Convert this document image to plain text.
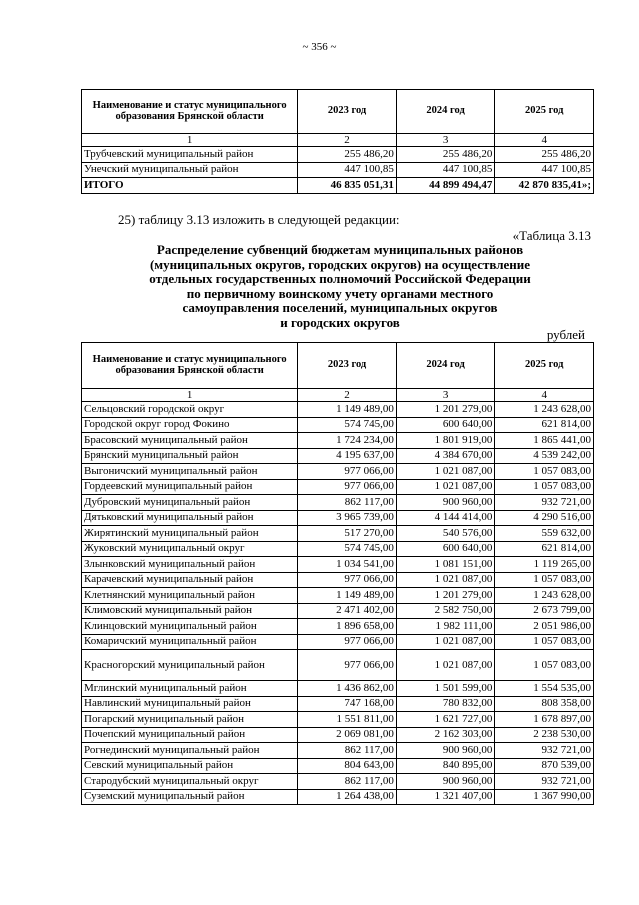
~ 356 ~
Наименование и статус муниципального образования Брянской области	2023 год	2024 год	2025 год
1	2	3	4
Трубчевский муниципальный район	255 486,20	255 486,20	255 486,20
Унечский муниципальный район	447 100,85	447 100,85	447 100,85
ИТОГО	46 835 051,31	44 899 494,47	42 870 835,41»;
25) таблицу 3.13 изложить в следующей редакции:
«Таблица 3.13
Распределение субвенций бюджетам муниципальных районов
(муниципальных округов, городских округов) на осуществление
отдельных государственных полномочий Российской Федерации
по первичному воинскому учету органами местного
самоуправления поселений, муниципальных округов
и городских округов
рублей
Наименование и статус муниципального образования Брянской области	2023 год	2024 год	2025 год
1	2	3	4
Сельцовский городской округ	1 149 489,00	1 201 279,00	1 243 628,00
Городской округ город Фокино	574 745,00	600 640,00	621 814,00
Брасовский муниципальный район	1 724 234,00	1 801 919,00	1 865 441,00
Брянский муниципальный район	4 195 637,00	4 384 670,00	4 539 242,00
Выгоничский муниципальный район	977 066,00	1 021 087,00	1 057 083,00
Гордеевский муниципальный район	977 066,00	1 021 087,00	1 057 083,00
Дубровский муниципальный район	862 117,00	900 960,00	932 721,00
Дятьковский муниципальный район	3 965 739,00	4 144 414,00	4 290 516,00
Жирятинский муниципальный район	517 270,00	540 576,00	559 632,00
Жуковский муниципальный округ	574 745,00	600 640,00	621 814,00
Злынковский муниципальный район	1 034 541,00	1 081 151,00	1 119 265,00
Карачевский муниципальный район	977 066,00	1 021 087,00	1 057 083,00
Клетнянский муниципальный район	1 149 489,00	1 201 279,00	1 243 628,00
Климовский муниципальный район	2 471 402,00	2 582 750,00	2 673 799,00
Клинцовский муниципальный район	1 896 658,00	1 982 111,00	2 051 986,00
Комаричский муниципальный район	977 066,00	1 021 087,00	1 057 083,00
Красногорский муниципальный район	977 066,00	1 021 087,00	1 057 083,00
Мглинский муниципальный район	1 436 862,00	1 501 599,00	1 554 535,00
Навлинский муниципальный район	747 168,00	780 832,00	808 358,00
Погарский муниципальный район	1 551 811,00	1 621 727,00	1 678 897,00
Почепский муниципальный район	2 069 081,00	2 162 303,00	2 238 530,00
Рогнединский муниципальный район	862 117,00	900 960,00	932 721,00
Севский муниципальный район	804 643,00	840 895,00	870 539,00
Стародубский муниципальный округ	862 117,00	900 960,00	932 721,00
Суземский муниципальный район	1 264 438,00	1 321 407,00	1 367 990,00
